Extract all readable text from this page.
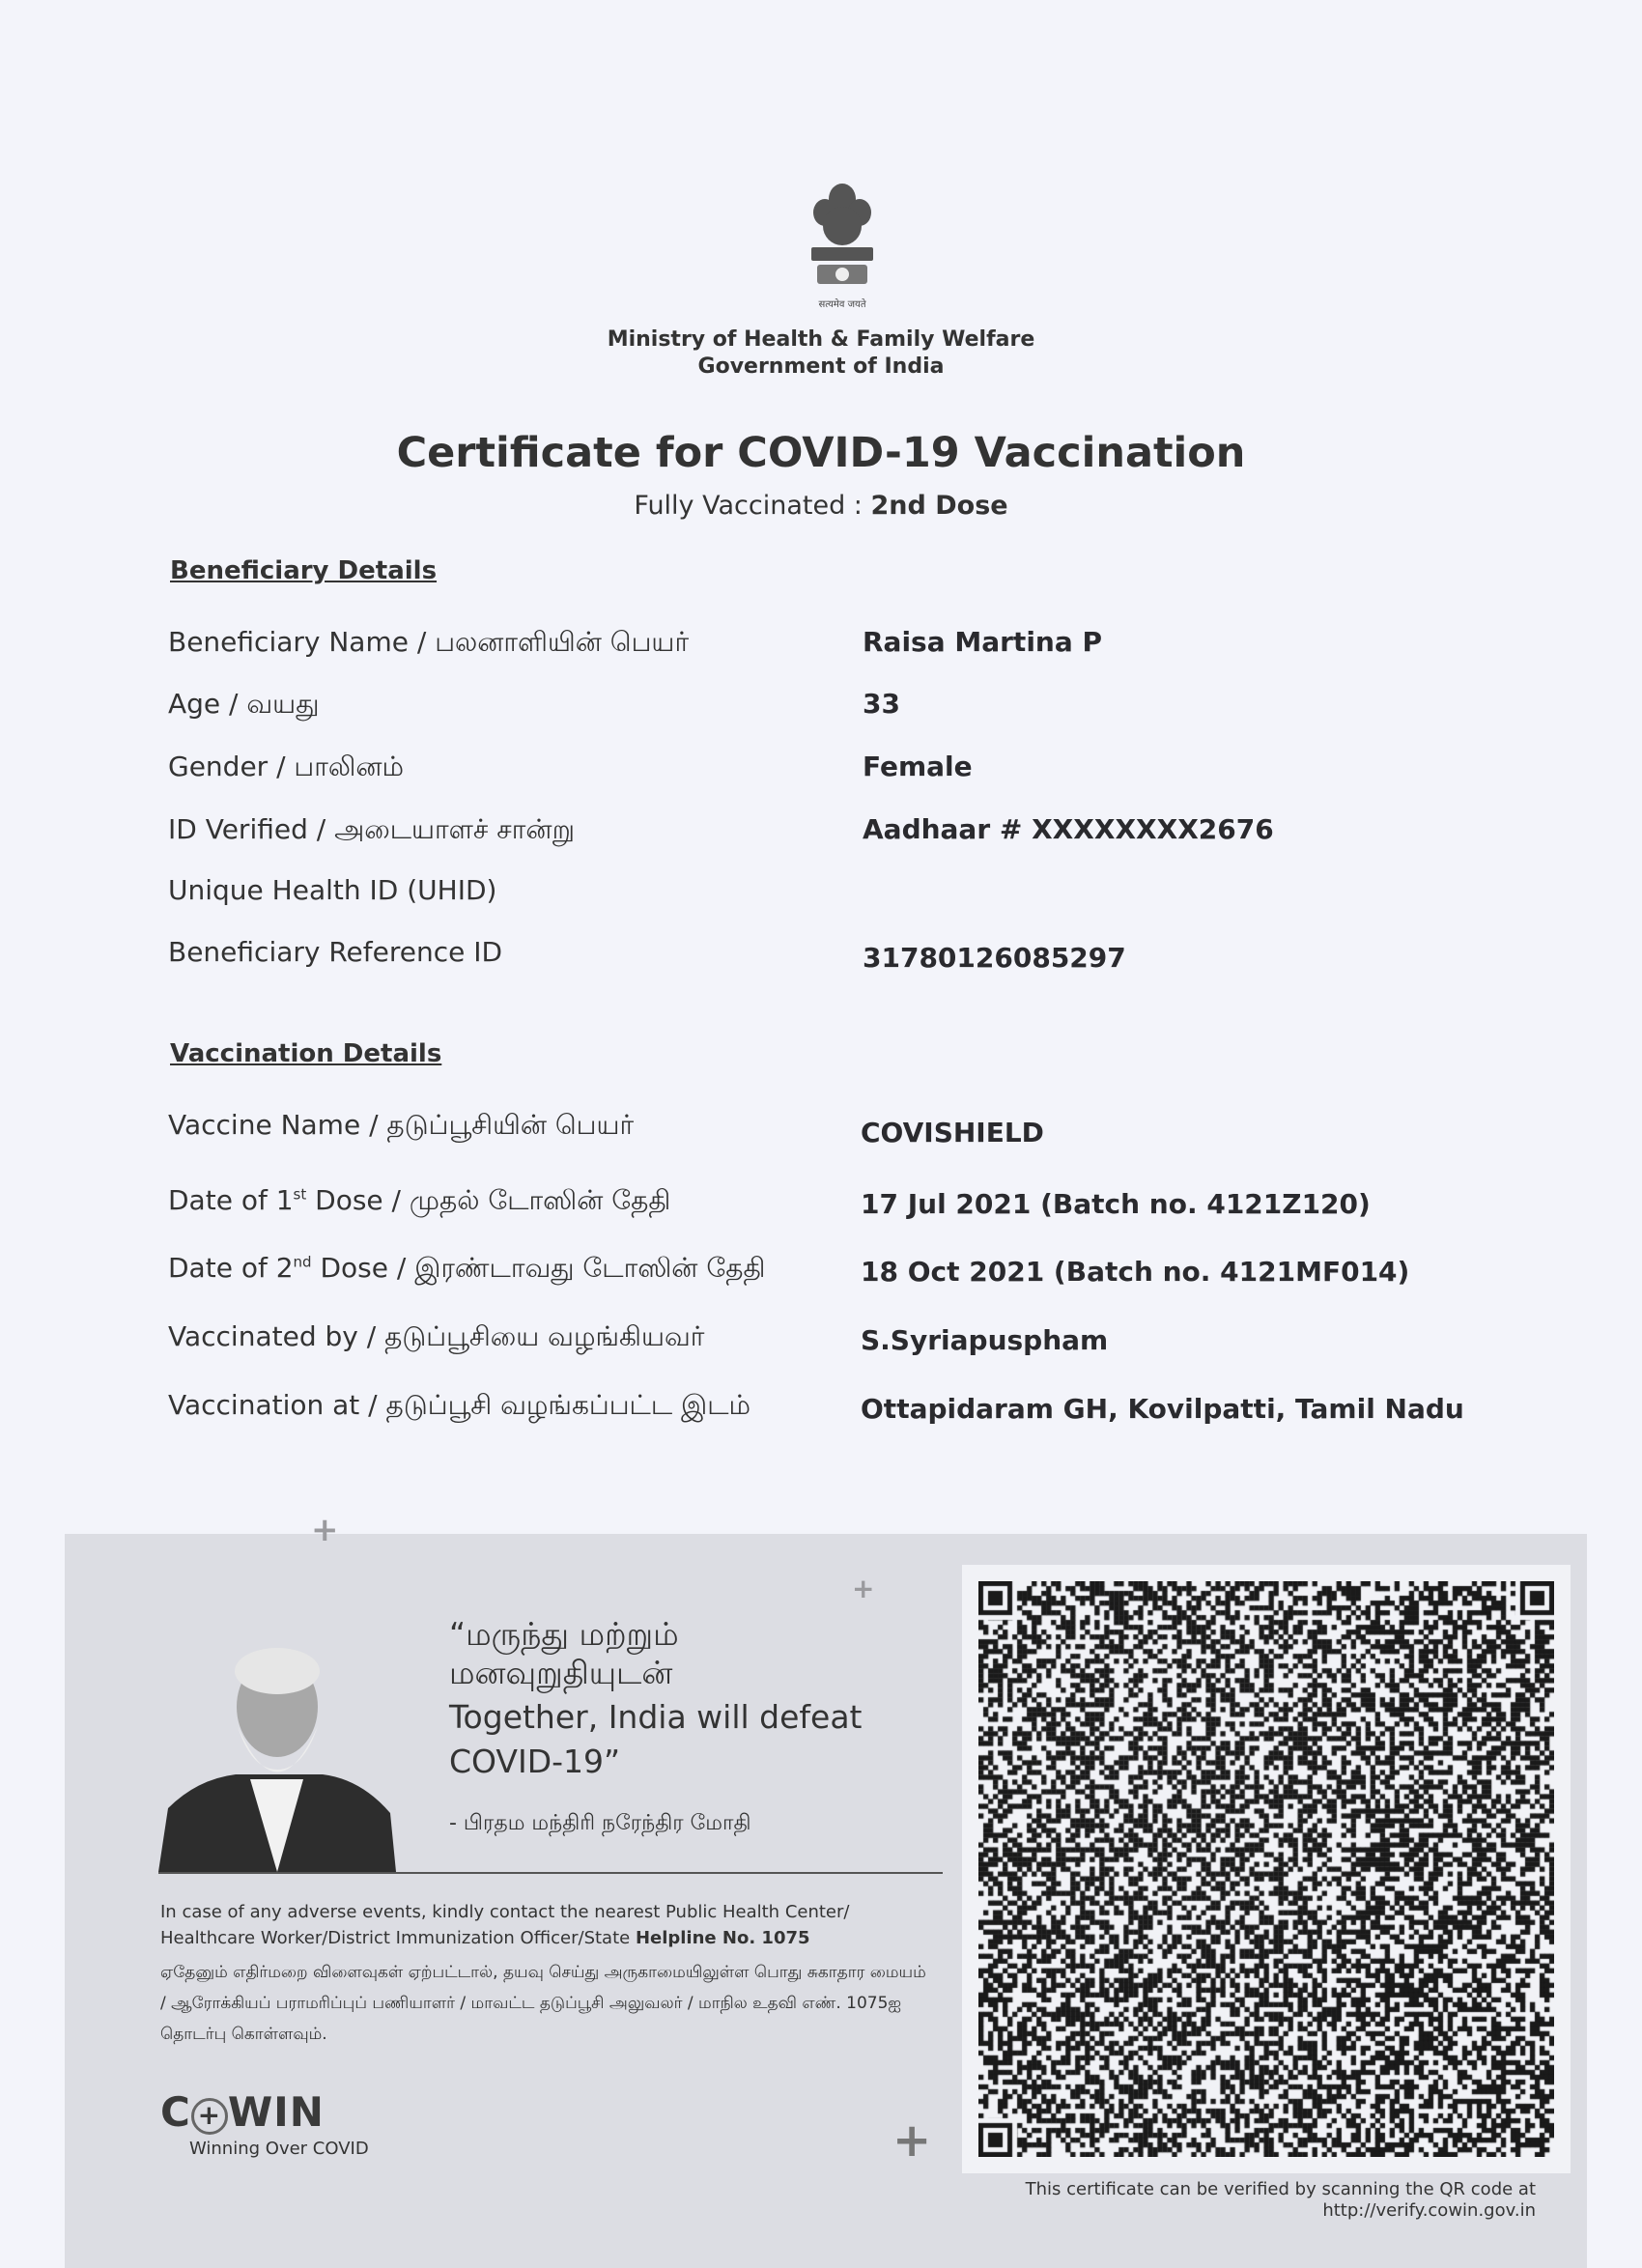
सत्यमेव जयते
Ministry of Health & Family Welfare
Government of India
Certificate for COVID-19 Vaccination
Fully Vaccinated : 2nd Dose
Beneficiary Details
Beneficiary Name / பலனாளியின் பெயர்	Raisa Martina P
Age / வயது	33
Gender / பாலினம்	Female
ID Verified / அடையாளச் சான்று	Aadhaar # XXXXXXXX2676
Unique Health ID (UHID)
Beneficiary Reference ID	31780126085297
Vaccination Details
Vaccine Name / தடுப்பூசியின் பெயர்	COVISHIELD
Date of 1st Dose / முதல் டோஸின் தேதி	17 Jul 2021 (Batch no. 4121Z120)
Date of 2nd Dose / இரண்டாவது டோஸின் தேதி	18 Oct 2021 (Batch no. 4121MF014)
Vaccinated by / தடுப்பூசியை வழங்கியவர்	S.Syriapuspham
Vaccination at / தடுப்பூசி வழங்கப்பட்ட இடம்	Ottapidaram GH, Kovilpatti, Tamil Nadu
+
+
+
“மருந்து மற்றும்
மனவுறுதியுடன்
Together, India will defeat
COVID-19”
- பிரதம மந்திரி நரேந்திர மோதி
In case of any adverse events, kindly contact the nearest Public Health Center/ Healthcare Worker/District Immunization Officer/State Helpline No. 1075
ஏதேனும் எதிர்மறை விளைவுகள் ஏற்பட்டால், தயவு செய்து அருகாமையிலுள்ள பொது சுகாதார மையம் / ஆரோக்கியப் பராமரிப்புப் பணியாளர் / மாவட்ட தடுப்பூசி அலுவலர் / மாநில உதவி எண். 1075ஐ தொடர்பு கொள்ளவும்.
C + WIN
Winning Over COVID
This certificate can be verified by scanning the QR code at
http://verify.cowin.gov.in
